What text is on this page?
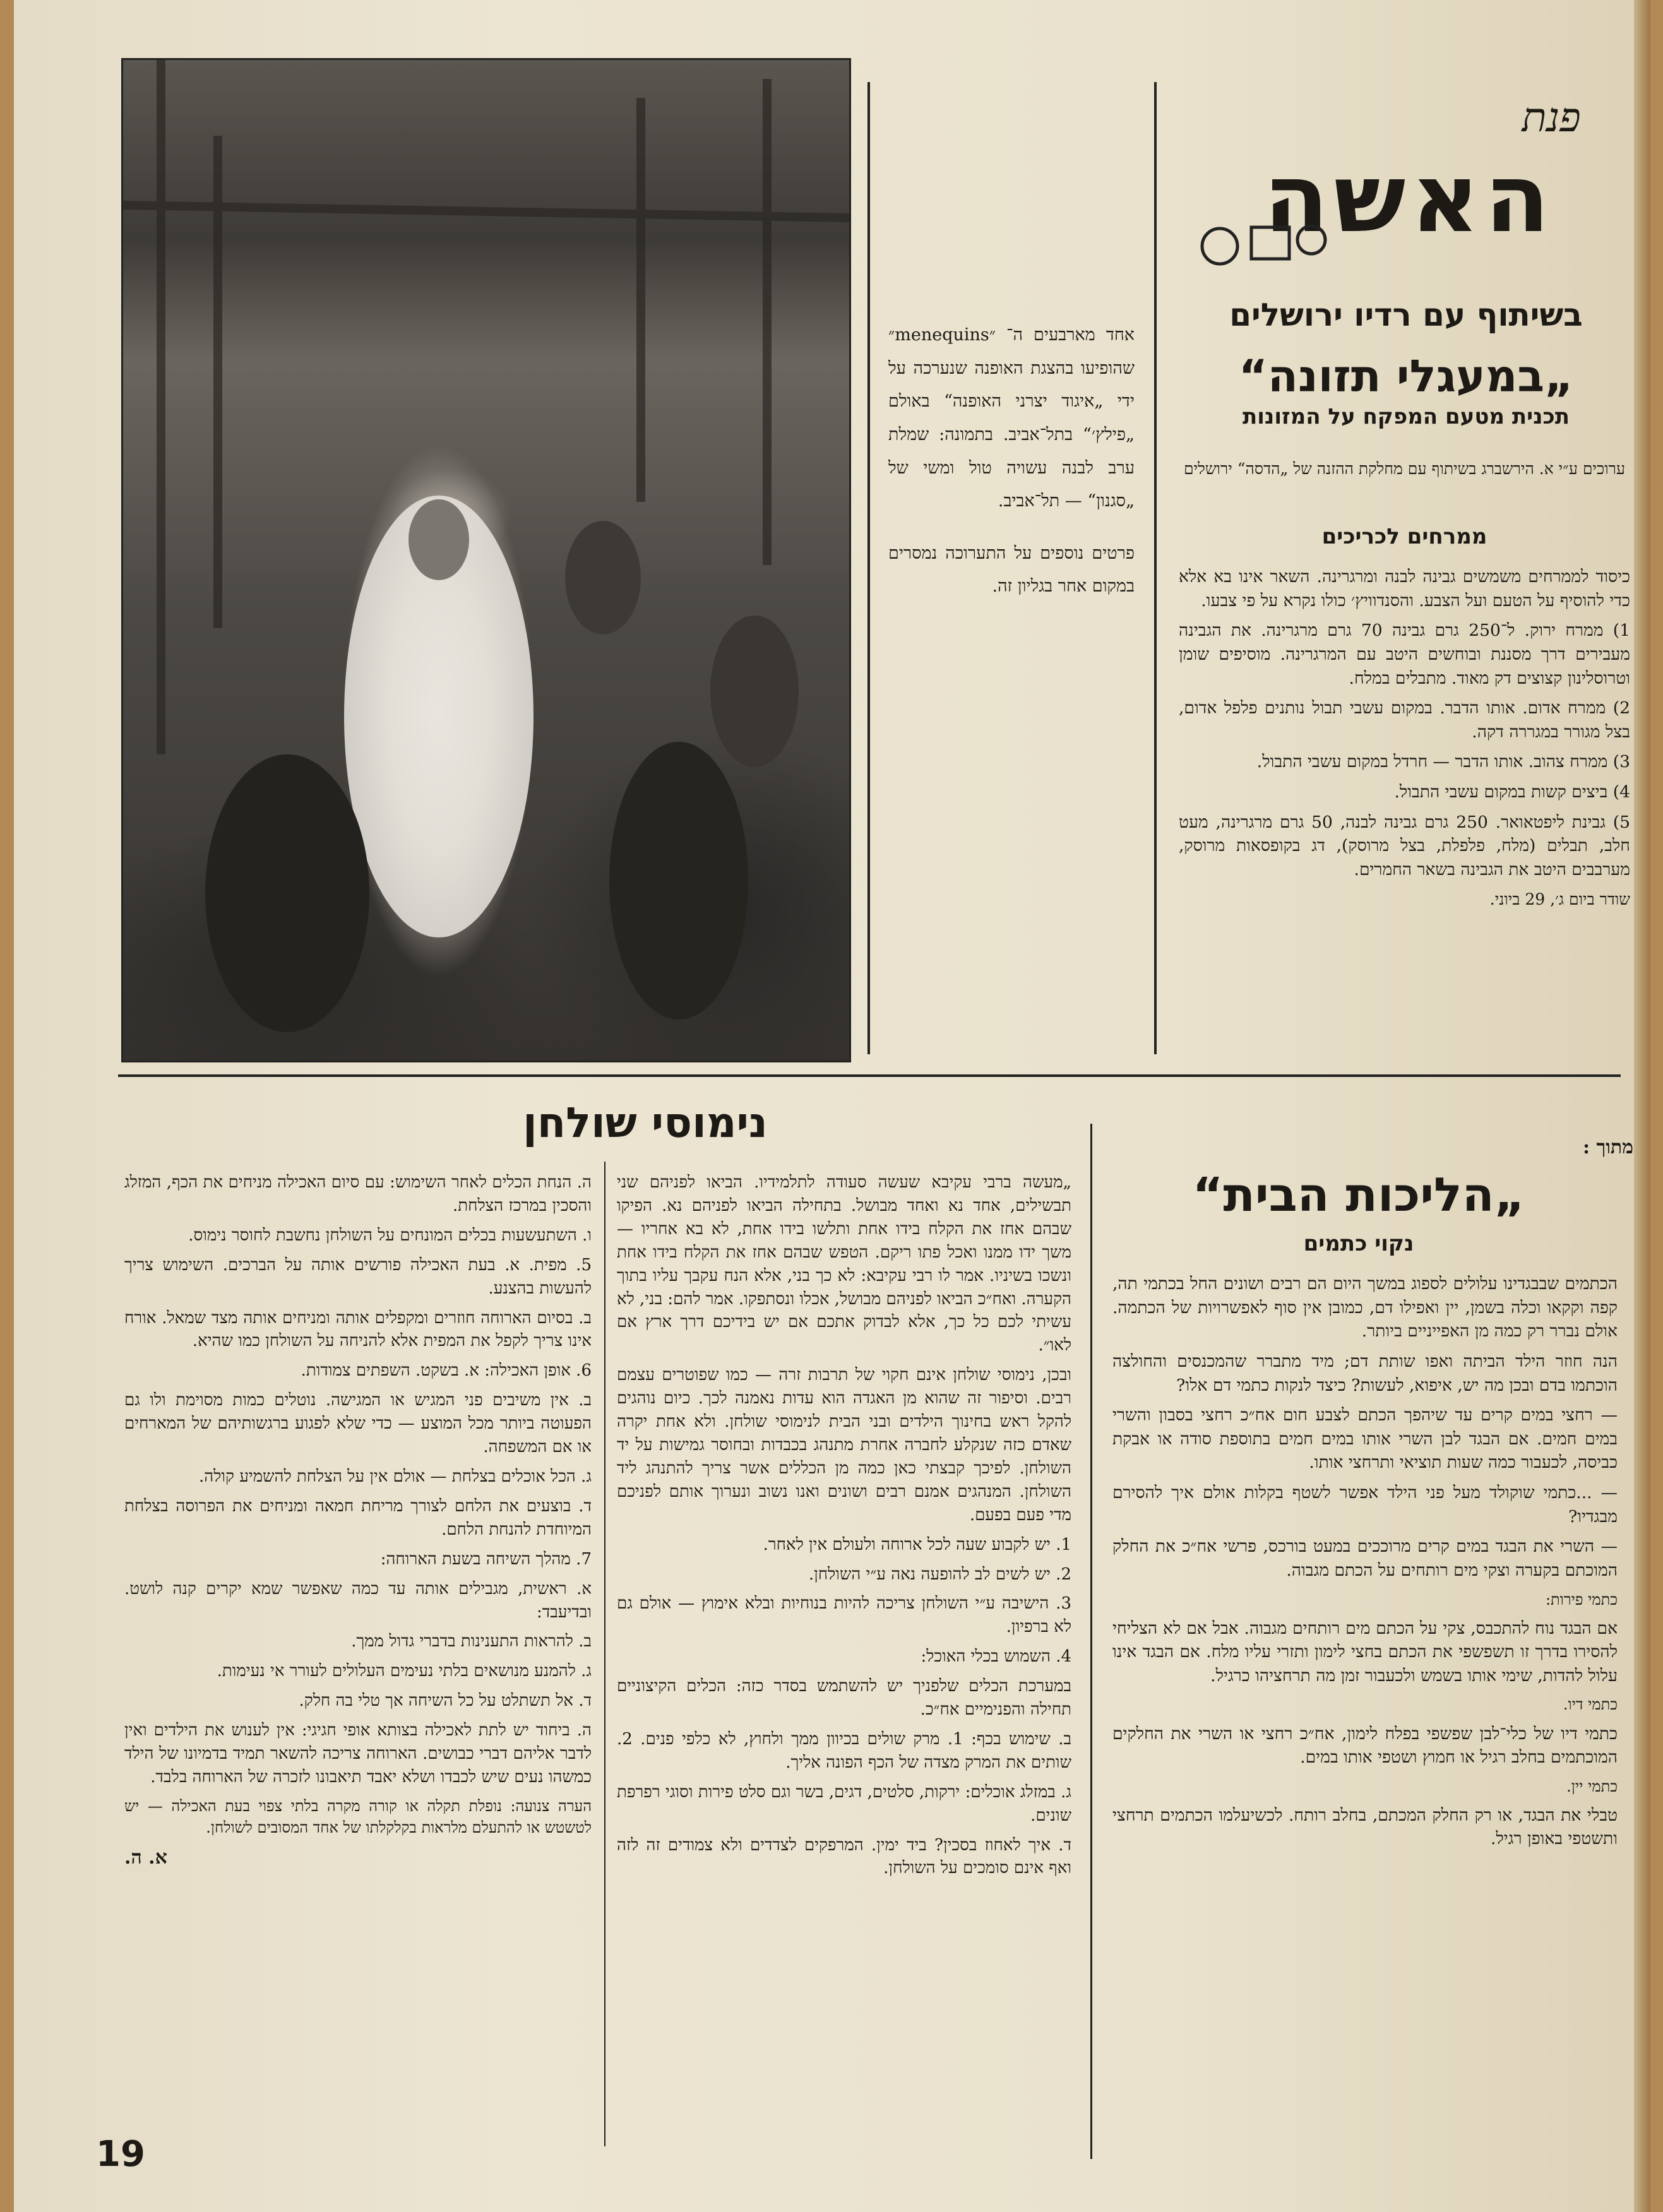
אחד מארבעים ה־ ״menequins״ שהופיעו בהצגת האופנה שנערכה על ידי „איגוד יצרני האופנה“ באולם „פילץ׳“ בתל־אביב. בתמונה: שמלת ערב לבנה עשויה טול ומשי של „סגנון“ — תל־אביב.

פרטים נוספים על התערוכה נמסרים במקום אחר בגליון זה.

פנת
האשה
בשיתוף עם רדיו ירושלים
„במעגלי תזונה“
תכנית מטעם המפקח על המזונות
ערוכים ע״י א. הירשברג בשיתוף עם מחלקת ההזנה של „הדסה“ ירושלים
ממרחים לכריכים

כיסוד לממרחים משמשים גבינה לבנה ומרגרינה. השאר אינו בא אלא כדי להוסיף על הטעם ועל הצבע. והסנדוויץ׳ כולו נקרא על פי צבעו.

1) ממרח ירוק. ל־250 גרם גבינה 70 גרם מרגרינה. את הגבינה מעבירים דרך מסננת ובוחשים היטב עם המרגרינה. מוסיפים שומן וטרוסלינון קצוצים דק מאוד. מתבלים במלח.

2) ממרח אדום. אותו הדבר. במקום עשבי תבול נותנים פלפל אדום, בצל מגורר במגררה דקה.

3) ממרח צהוב. אותו הדבר — חרדל במקום עשבי התבול.

4) ביצים קשות במקום עשבי התבול.

5) גבינת ליפטאואר. 250 גרם גבינה לבנה, 50 גרם מרגרינה, מעט חלב, תבלים (מלח, פלפלת, בצל מרוסק), דג בקופסאות מרוסק, מערבבים היטב את הגבינה בשאר החמרים.

שודר ביום ג׳, 29 ביוני.

מתוך :
„הליכות הבית“
נקוי כתמים

הכתמים שבבגדינו עלולים לספוג במשך היום הם רבים ושונים החל בכתמי תה, קפה וקקאו וכלה בשמן, יין ואפילו דם, כמובן אין סוף לאפשרויות של הכתמה. אולם נברר רק כמה מן האפייניים ביותר.

הנה חוזר הילד הביתה ואפו שותת דם; מיד מתברר שהמכנסים והחולצה הוכתמו בדם ובכן מה יש, איפוא, לעשות? כיצד לנקות כתמי דם אלו?

— רחצי במים קרים עד שיהפך הכתם לצבע חום אח״כ רחצי בסבון והשרי במים חמים. אם הבגד לבן השרי אותו במים חמים בתוספת סודה או אבקת כביסה, לכעבור כמה שעות תוציאי ותרחצי אותו.

— ...כתמי שוקולד מעל פני הילד אפשר לשטף בקלות אולם איך להסירם מבגדיו?

— השרי את הבגד במים קרים מרוככים במעט בורכס, פרשי אח״כ את החלק המוכתם בקערה וצקי מים רותחים על הכתם מגבוה.

כתמי פירות:

אם הבגד נוח להתכבס, צקי על הכתם מים רותחים מגבוה. אבל אם לא הצליחי להסירו בדרך זו תשפשפי את הכתם בחצי לימון ותזרי עליו מלח. אם הבגד אינו עלול להדות, שימי אותו בשמש ולכעבור זמן מה תרחציהו כרגיל.

כתמי דיו.

כתמי דיו של כלי־לבן שפשפי בפלח לימון, אח״כ רחצי או השרי את החלקים המוכתמים בחלב רגיל או חמוץ ושטפי אותו במים.

כתמי יין.

טבלי את הבגד, או רק החלק המכתם, בחלב רותח. לכשיעלמו הכתמים תרחצי ותשטפי באופן רגיל.

נימוסי שולחן

„מעשה ברבי עקיבא שעשה סעודה לתלמידיו. הביאו לפניהם שני תבשילים, אחד נא ואחד מבושל. בתחילה הביאו לפניהם נא. הפיקו שבהם אחז את הקלח בידו אחת ותלשו בידו אחת, לא בא אחריו — משך ידו ממנו ואכל פתו ריקם. הטפש שבהם אחז את הקלח בידו אחת ונשכו בשיניו. אמר לו רבי עקיבא: לא כך בני, אלא הנח עקבך עליו בתוך הקערה. ואח״כ הביאו לפניהם מבושל, אכלו ונסתפקו. אמר להם: בני, לא עשיתי לכם כל כך, אלא לבדוק אתכם אם יש בידיכם דרך ארץ אם לאו״.

ובכן, נימוסי שולחן אינם חקוי של תרבות זרה — כמו שפוטרים עצמם רבים. וסיפור זה שהוא מן האגדה הוא עדות נאמנה לכך. כיום נוהגים להקל ראש בחינוך הילדים ובני הבית לנימוסי שולחן. ולא אחת יקרה שאדם כזה שנקלע לחברה אחרת מתנהג בכבדות ובחוסר גמישות על יד השולחן. לפיכך קבצתי כאן כמה מן הכללים אשר צריך להתנהג ליד השולחן. המנהגים אמנם רבים ושונים ואנו נשוב ונערוך אותם לפניכם מדי פעם בפעם.

1. יש לקבוע שעה לכל ארוחה ולעולם אין לאחר.

2. יש לשים לב להופעה נאה ע״י השולחן.

3. הישיבה ע״י השולחן צריכה להיות בנוחיות ובלא אימוץ — אולם גם לא ברפיון.

4. השמוש בכלי האוכל:

במערכת הכלים שלפניך יש להשתמש בסדר כזה: הכלים הקיצוניים תחילה והפנימיים אח״כ.

ב. שימוש בכף: 1. מרק שולים בכיוון ממך ולחוץ, לא כלפי פנים. 2. שותים את המרק מצדה של הכף הפונה אליך.

ג. במזלג אוכלים: ירקות, סלטים, דגים, בשר וגם סלט פירות וסוגי רפרפת שונים.

ד. איך לאחוז בסכין? ביד ימין. המרפקים לצדדים ולא צמודים זה לזה ואף אינם סומכים על השולחן.

ה. הנחת הכלים לאחר השימוש: עם סיום האכילה מניחים את הכף, המזלג והסכין במרכז הצלחת.

ו. השתעשעות בכלים המונחים על השולחן נחשבת לחוסר נימוס.

5. מפית. א. בעת האכילה פורשים אותה על הברכים. השימוש צריך להעשות בהצנע.

ב. בסיום הארוחה חוזרים ומקפלים אותה ומניחים אותה מצד שמאל. אורח אינו צריך לקפל את המפית אלא להניחה על השולחן כמו שהיא.

6. אופן האכילה: א. בשקט. השפתים צמודות.

ב. אין משיבים פני המגיש או המגישה. נוטלים כמות מסוימת ולו גם הפעוטה ביותר מכל המוצע — כדי שלא לפגוע ברגשותיהם של המארחים או אם המשפחה.

ג. הכל אוכלים בצלחת — אולם אין על הצלחת להשמיע קולה.

ד. בוצעים את הלחם לצורך מריחת חמאה ומניחים את הפרוסה בצלחת המיוחדת להנחת הלחם.

7. מהלך השיחה בשעת הארוחה:

א. ראשית, מגבילים אותה עד כמה שאפשר שמא יקרים קנה לושט. ובדיעבד:

ב. להראות התענינות בדברי גדול ממך.

ג. להמנע מנושאים בלתי נעימים העלולים לעורר אי נעימות.

ד. אל תשתלט על כל השיחה אך טלי בה חלק.

ה. ביחוד יש לתת לאכילה בצותא אופי חגיגי: אין לענוש את הילדים ואין לדבר אליהם דברי כבושים. הארוחה צריכה להשאר תמיד בדמיונו של הילד כמשהו נעים שיש לכבדו ושלא יאבד תיאבונו לזכרה של הארוחה בלבד.

הערה צנועה: נופלת תקלה או קורה מקרה בלתי צפוי בעת האכילה — יש לטשטש או להתעלם מלראות בקלקלתו של אחד המסובים לשולחן.

א. ה.

19
